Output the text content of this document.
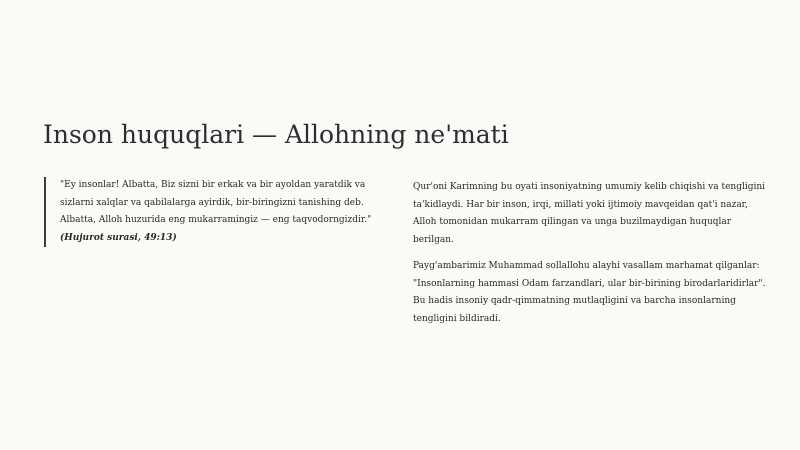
Inson huquqlari — Allohning ne'mati
"Ey insonlar! Albatta, Biz sizni bir erkak va bir ayoldan yaratdik va sizlarni xalqlar va qabilalarga ayirdik, bir-biringizni tanishing deb. Albatta, Alloh huzurida eng mukarramingiz — eng taqvodorngizdir." (Hujurot surasi, 49:13)

Qur'oni Karimning bu oyati insoniyatning umumiy kelib chiqishi va tengligini ta'kidlaydi. Har bir inson, irqi, millati yoki ijtimoiy mavqeidan qat'i nazar, Alloh tomonidan mukarram qilingan va unga buzilmaydigan huquqlar berilgan.

Payg'ambarimiz Muhammad sollallohu alayhi vasallam marhamat qilganlar: "Insonlarning hammasi Odam farzandlari, ular bir-birining birodarlaridirlar". Bu hadis insoniy qadr-qimmatning mutlaqligini va barcha insonlarning tengligini bildiradi.
